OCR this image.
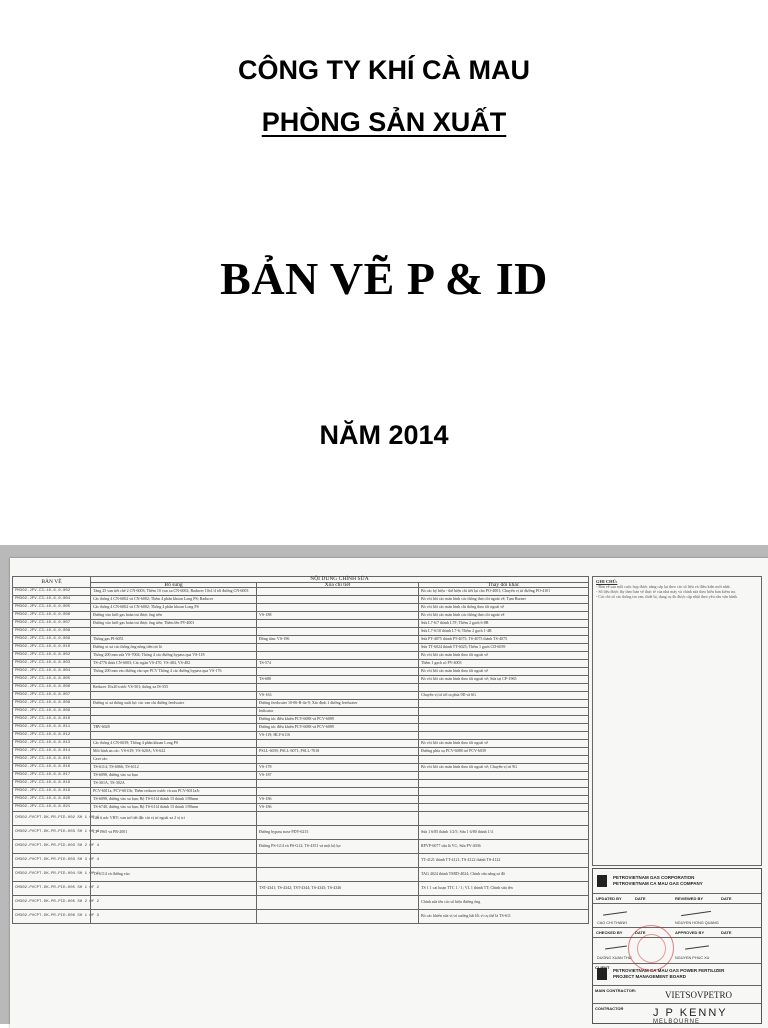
CÔNG TY KHÍ CÀ MAU
PHÒNG SẢN XUẤT
BẢN VẼ P & ID
NĂM 2014
BẢN VẼ	NỘI DUNG CHỈNH SỬA		
	Bổ sung	Xóa chi tiết	Thay đổi khác
PM302-JPV-C3-10-6-0-002	Tăng 25 van tiết chế 2 CN-6003; Thêm 10 van xa CN-6002; Raducer 10x1/4 tới đường CN-6003		Bỏ các ký hiệu - thể hiện chi tiết lại cho PO-4001; Chuyển vị trí đường PO-4101
PM302-JPV-C3-10-6-0-004	Các thông 4 CN-6002 và CN-6002; Thêm 4 phân khoan Long PS; Raducer		Bỏ vòi hồi các màn hình các thông theo tồi ngoài vẽ; Tạm Burner
PM302-JPV-C3-10-6-0-005	Các thông 4 CN-6002 và CN-6002; Thông 4 phần khoan Long PS		Bỏ vòi hồi các màn hình chi thông theo tồi ngoài vẽ
PM302-JPV-C3-10-6-0-006	Đường vào lưới gas hoàn trả được ống trền	VS-188	Bỏ vòi hồi các màn hình các thông theo tồi ngoài vẽ
PM302-JPV-C3-10-6-0-007	Đường vào lưới gas hoàn trả được ống trền; Thêm lên PV-4001		Sửa L7-6/7 thành L7F; Thêm 2 gạch 6-8R
PM302-JPV-C3-10-6-0-008			Sửa L7-6/10 thành L7-6; Thêm 2 gạch 1-4R
PM302-JPV-C3-10-6-0-009	Thông gas PI-6051	Đồng tâm: VS-196	Sửa PT-4075 thành PT-4075; TS-4075 thành TS-4075
PM302-JPV-C3-10-6-0-010	Đường xi xả các thông ống nồng tiến trò lò		Sửa TT-6024 thành TT-6025; Thêm 1 gạch CD-6039
PM302-JPV-C3-10-6-8-002	Thông 200 mm sửa VS-7004; Thông 4 các đường bypass qua VS-118		Bỏ vòi hồi các màn hình theo tồi ngoài vẽ
PM302-JPV-C3-10-6-8-003	TS-4776 thừa CN-6003; Các ngăn VS-470, VS-484, VS-482	TS-574	Thêm 1 gạch số PV-4003
PM302-JPV-C3-10-6-8-004	Thông 200 mm vào đường vào spe PCV Thông 4 các đường bypass qua VS-176		Bỏ vòi hồi các màn hình theo tồi ngoài vẽ
PM302-JPV-C3-10-6-8-005		TS-688	Bỏ vòi hồi các màn hình theo tồi ngoài vẽ; Sửa tại CP-1965
PM302-JPV-C3-10-6-8-006	Reducer 10x20 trước VS-501; thông xa IS-555		
PM302-JPV-C3-10-6-8-007		VS-163	Chuyển vị trí tới ra phía 9D và 6G
PM302-JPV-C3-10-6-8-008	Đường xi xả thông xuất lực các van chi đường feedwater	Đường feedwater 10-06-R-4a-9; Xác định 1 đường feedwater	
PM302-JPV-C3-10-6-8-009		Indicator	
PM302-JPV-C3-10-6-8-010		Đường tác điều khiển PCV-6088 và PCV-6089	
PM302-JPV-C3-10-6-8-011	TRV-6028	Đường tác điều khiển PCV-6088 và PCV-6089	
PM302-JPV-C3-10-6-8-012		VS-119; HLY-6116	
PM302-JPV-C3-10-6-8-013	Các thông 4 CN-6039; Thông 4 phân khoan Long PS		Bỏ vòi hồi các màn hình theo tồi ngoài vẽ
PM302-JPV-C3-10-6-8-014	Mối hình an các: VS-619; VS-620A; VS-622	PSLL-6039; PSLL-6071; PSLL-7018	Đường phía xạ PCV-6088 trở PCV-6039
PM302-JPV-C3-10-6-8-015	Cave rào		
PM302-JPV-C3-10-6-8-016	TS-6114; TS-6066; TS-6112	VS-178	Bỏ vòi hồi các màn hình theo tồi ngoài vẽ; Chuyển vị trí 9G
PM302-JPV-C3-10-6-8-017	TS-6098, đường vào xa bạn	VS-187	
PM302-JPV-C3-10-6-8-018	TS-301A, TS-302A		
PM302-JPV-C3-10-6-8-019	PCV-6011a, PCV-6011b; Thêm reducer trước và sau PCV-6011a/b		
PM302-JPV-C3-10-6-8-020	TS-6098, đường vào xa bạn; Bộ TS-6114 thành 15 thành 1/90mm	VS-186	
PM302-JPV-C3-10-6-8-021	TS-6740, đường vào xa bạn; Bộ TS-6114 thành 15 thành 1/90mm	VS-186	
CM302-PVCPT.DK-PR-PID-002 SH 1 OF 1	Ghi ít nấc VHV; van trở tiết đặc cài vị trí ngoài xa 2 vị trí		
CM302-PVCPT.DK-PR-PID-003 SH 1 OF 4	CP-1965 và PR-2001	Đường bypass nose PDV-6215	Sửa 1 6/85 thành 1/2/5; Sửa 1 6/80 thành 1/4
CM302-PVCPT.DK-PR-PID-003 SH 2 OF 4		Đường PS-G14 và PS-G12; TS-4351 và một bộ lọc	RPVP-6077 sửa là VC; Sửa PV-4036
CM302-PVCPT.DK-PR-PID-003 SH 3 OF 4			TT-4121 thành TT-4121; TS-4122 thành TS-4122
CM302-PVCPT.DK-PR-PID-004 SH 1 OF 1	TS-6114 và đường vào		TAG 4024 thành TSRD-4024; Chỉnh sửa nâng sơ đồ
CM302-PVCPT.DK-PR-PID-005 SH 1 OF 2		TST-4341; TS-4342; TST-4344; TS-4345; TS-4346	TS 1 1 cai hoạn TTC 1 / 1; VL 1 thành TT; Chỉnh sửa tên
CM302-PVCPT.DK-PR-PID-005 SH 2 OF 2			Chỉnh sửa tên các số hiệu đường ống
CM302-PVCPT.DK-PR-PID-006 SH 1 OF 3			Bỏ các khiển sửa vị trí xưởng bắt lỗi vì cụ thể là TS-611
GHI CHÚ:
- Bản vẽ sau mỗi cuộc họp được nâng cấp lại theo các số liệu và điều kiện mới nhất.
- Số liệu được lấy theo bản vẽ thực tế của nhà máy và chỉnh sửa theo biên bản kiểm tra.
- Các chỉ số các thông tin van, thiết bị, dụng cụ đo được cập nhật theo yêu cầu vận hành.
PETROVIETNAM GAS CORPORATION
PETROVIETNAM CA MAU GAS COMPANY
UPDATED BY	DATE	REVIEWED BY	DATE
CAO CHI THANH	NGUYEN HONG QUANG
CHECKED BY	DATE	APPROVED BY	DATE
DUONG XUAN THU	NGUYEN PHUC XU
CLIENT
PETROVIETNAM CA MAU GAS POWER FERTILIZER
PROJECT MANAGEMENT BOARD
MAIN CONTRACTOR:	VIETSOVPETRO
CONTRACTOR	J P KENNY
MELBOURNE
